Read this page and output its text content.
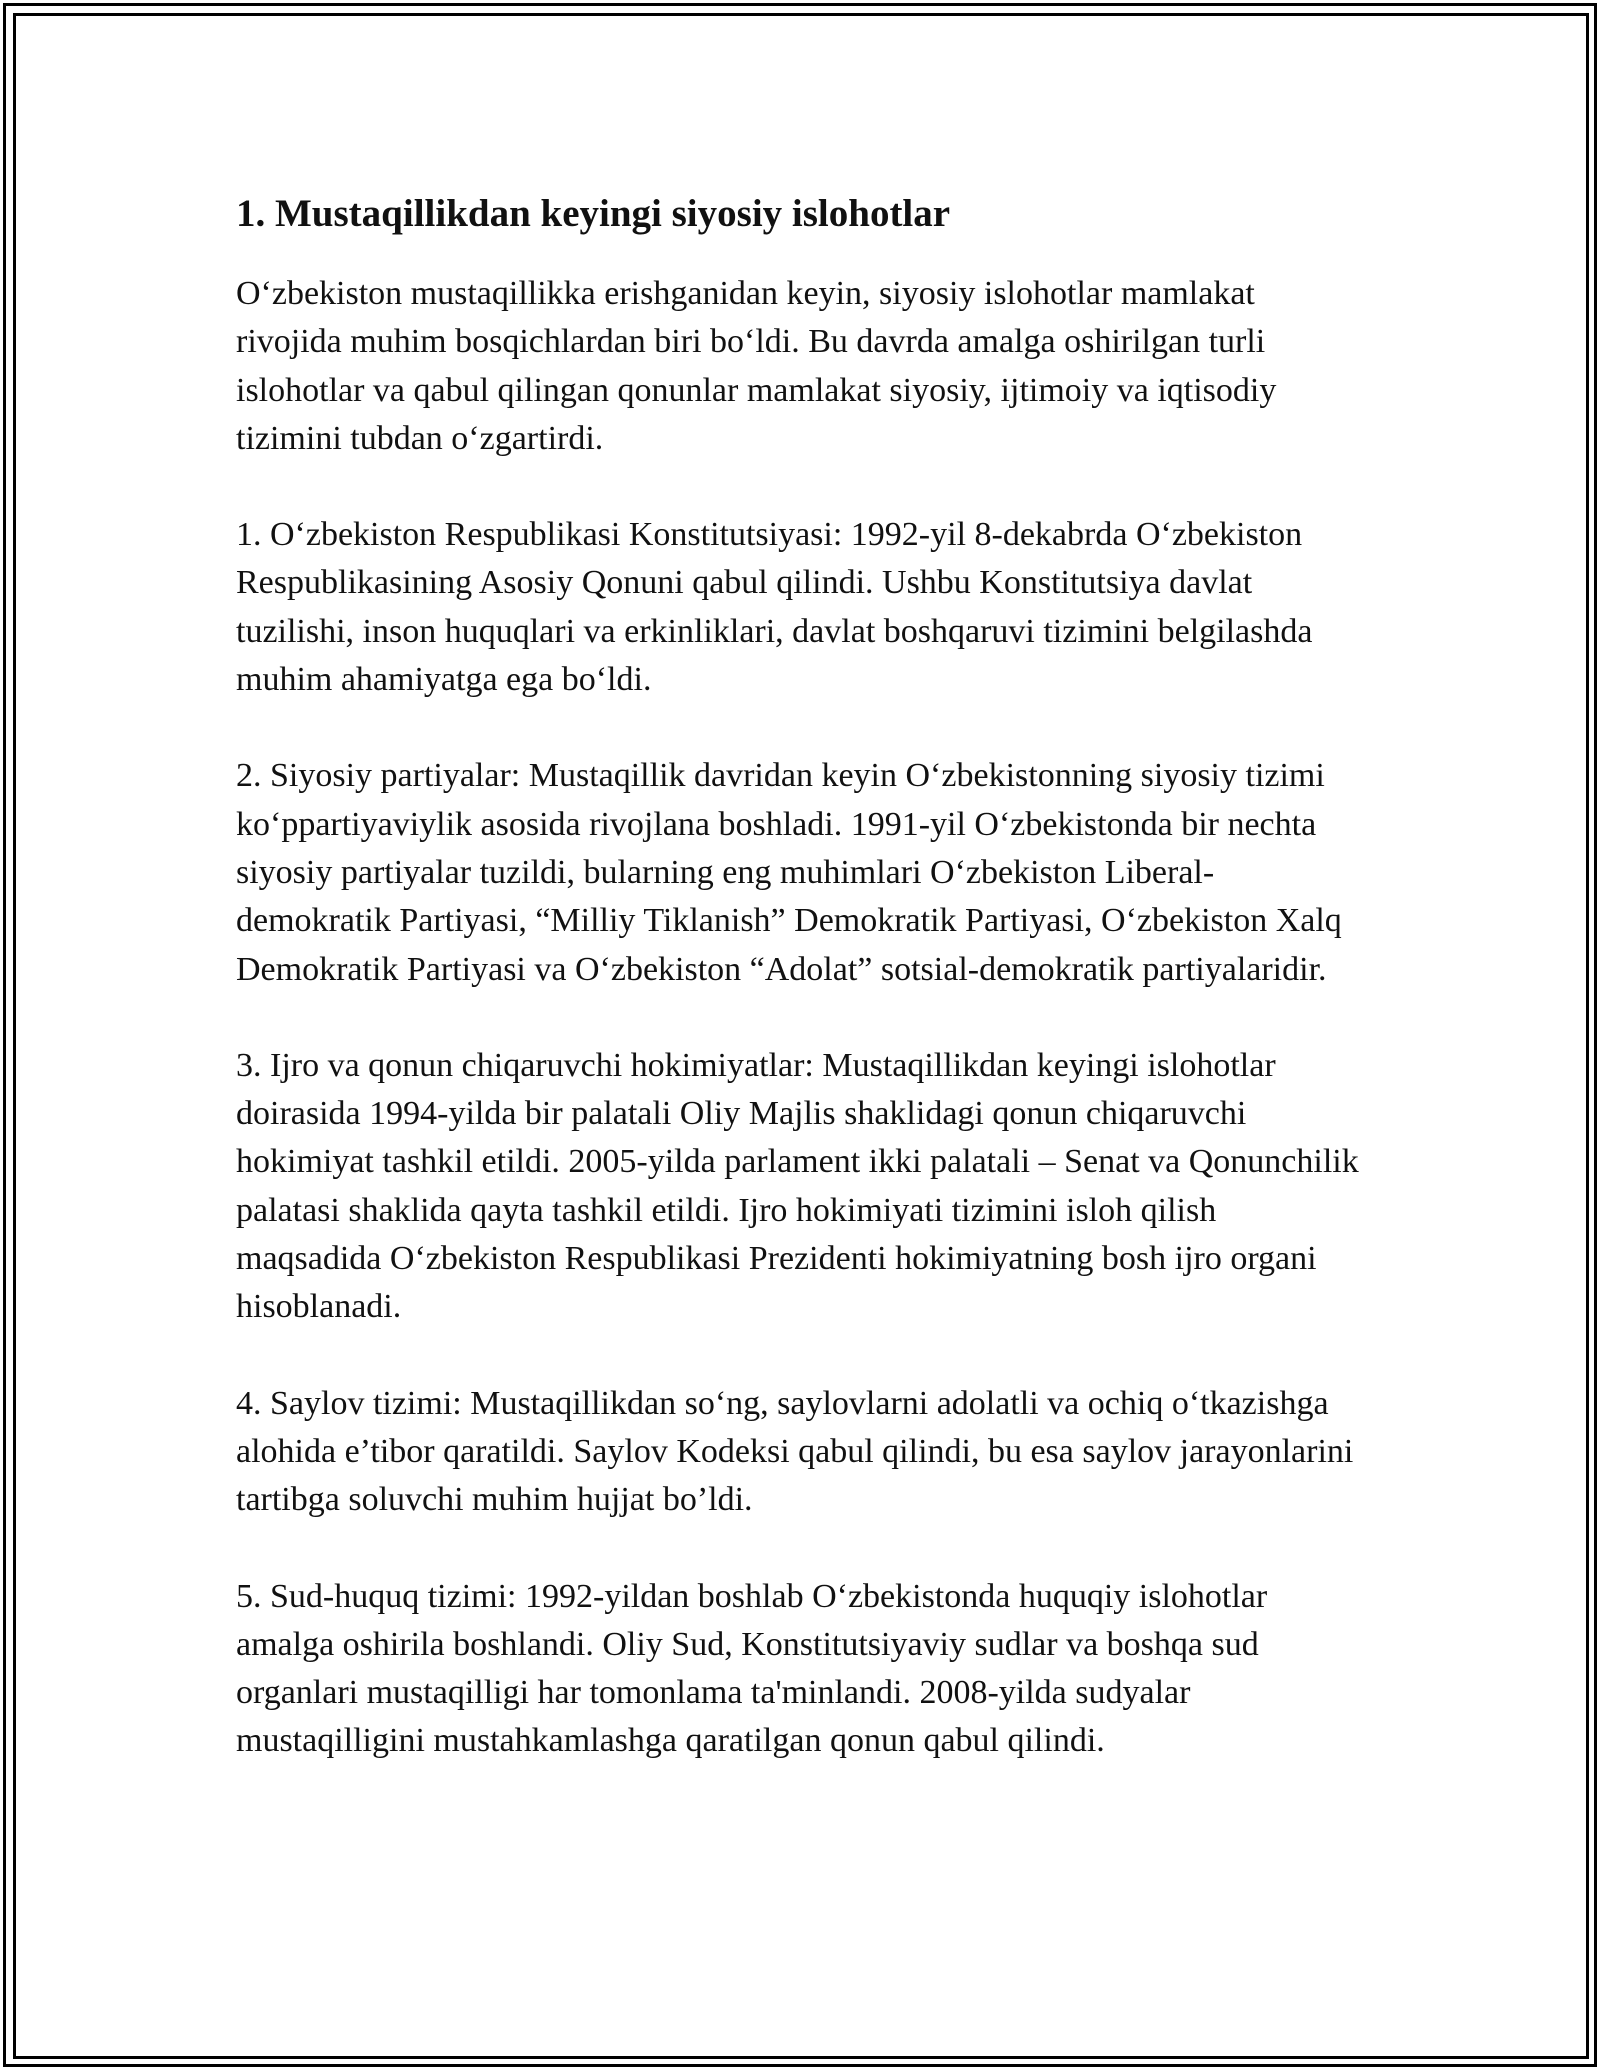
1. Mustaqillikdan keyingi siyosiy islohotlar

O‘zbekiston mustaqillikka erishganidan keyin, siyosiy islohotlar mamlakat rivojida muhim bosqichlardan biri bo‘ldi. Bu davrda amalga oshirilgan turli islohotlar va qabul qilingan qonunlar mamlakat siyosiy, ijtimoiy va iqtisodiy tizimini tubdan o‘zgartirdi.

1. O‘zbekiston Respublikasi Konstitutsiyasi: 1992-yil 8-dekabrda O‘zbekiston Respublikasining Asosiy Qonuni qabul qilindi. Ushbu Konstitutsiya davlat tuzilishi, inson huquqlari va erkinliklari, davlat boshqaruvi tizimini belgilashda muhim ahamiyatga ega bo‘ldi.

2. Siyosiy partiyalar: Mustaqillik davridan keyin O‘zbekistonning siyosiy tizimi ko‘ppartiyaviylik asosida rivojlana boshladi. 1991-yil O‘zbekistonda bir nechta siyosiy partiyalar tuzildi, bularning eng muhimlari O‘zbekiston Liberal-demokratik Partiyasi, “Milliy Tiklanish” Demokratik Partiyasi, O‘zbekiston Xalq Demokratik Partiyasi va O‘zbekiston “Adolat” sotsial-demokratik partiyalaridir.

3. Ijro va qonun chiqaruvchi hokimiyatlar: Mustaqillikdan keyingi islohotlar doirasida 1994-yilda bir palatali Oliy Majlis shaklidagi qonun chiqaruvchi hokimiyat tashkil etildi. 2005-yilda parlament ikki palatali – Senat va Qonunchilik palatasi shaklida qayta tashkil etildi. Ijro hokimiyati tizimini isloh qilish maqsadida O‘zbekiston Respublikasi Prezidenti hokimiyatning bosh ijro organi hisoblanadi.

4. Saylov tizimi: Mustaqillikdan so‘ng, saylovlarni adolatli va ochiq o‘tkazishga alohida e’tibor qaratildi. Saylov Kodeksi qabul qilindi, bu esa saylov jarayonlarini tartibga soluvchi muhim hujjat bo’ldi.

5. Sud-huquq tizimi: 1992-yildan boshlab O‘zbekistonda huquqiy islohotlar amalga oshirila boshlandi. Oliy Sud, Konstitutsiyaviy sudlar va boshqa sud organlari mustaqilligi har tomonlama ta'minlandi. 2008-yilda sudyalar mustaqilligini mustahkamlashga qaratilgan qonun qabul qilindi.
